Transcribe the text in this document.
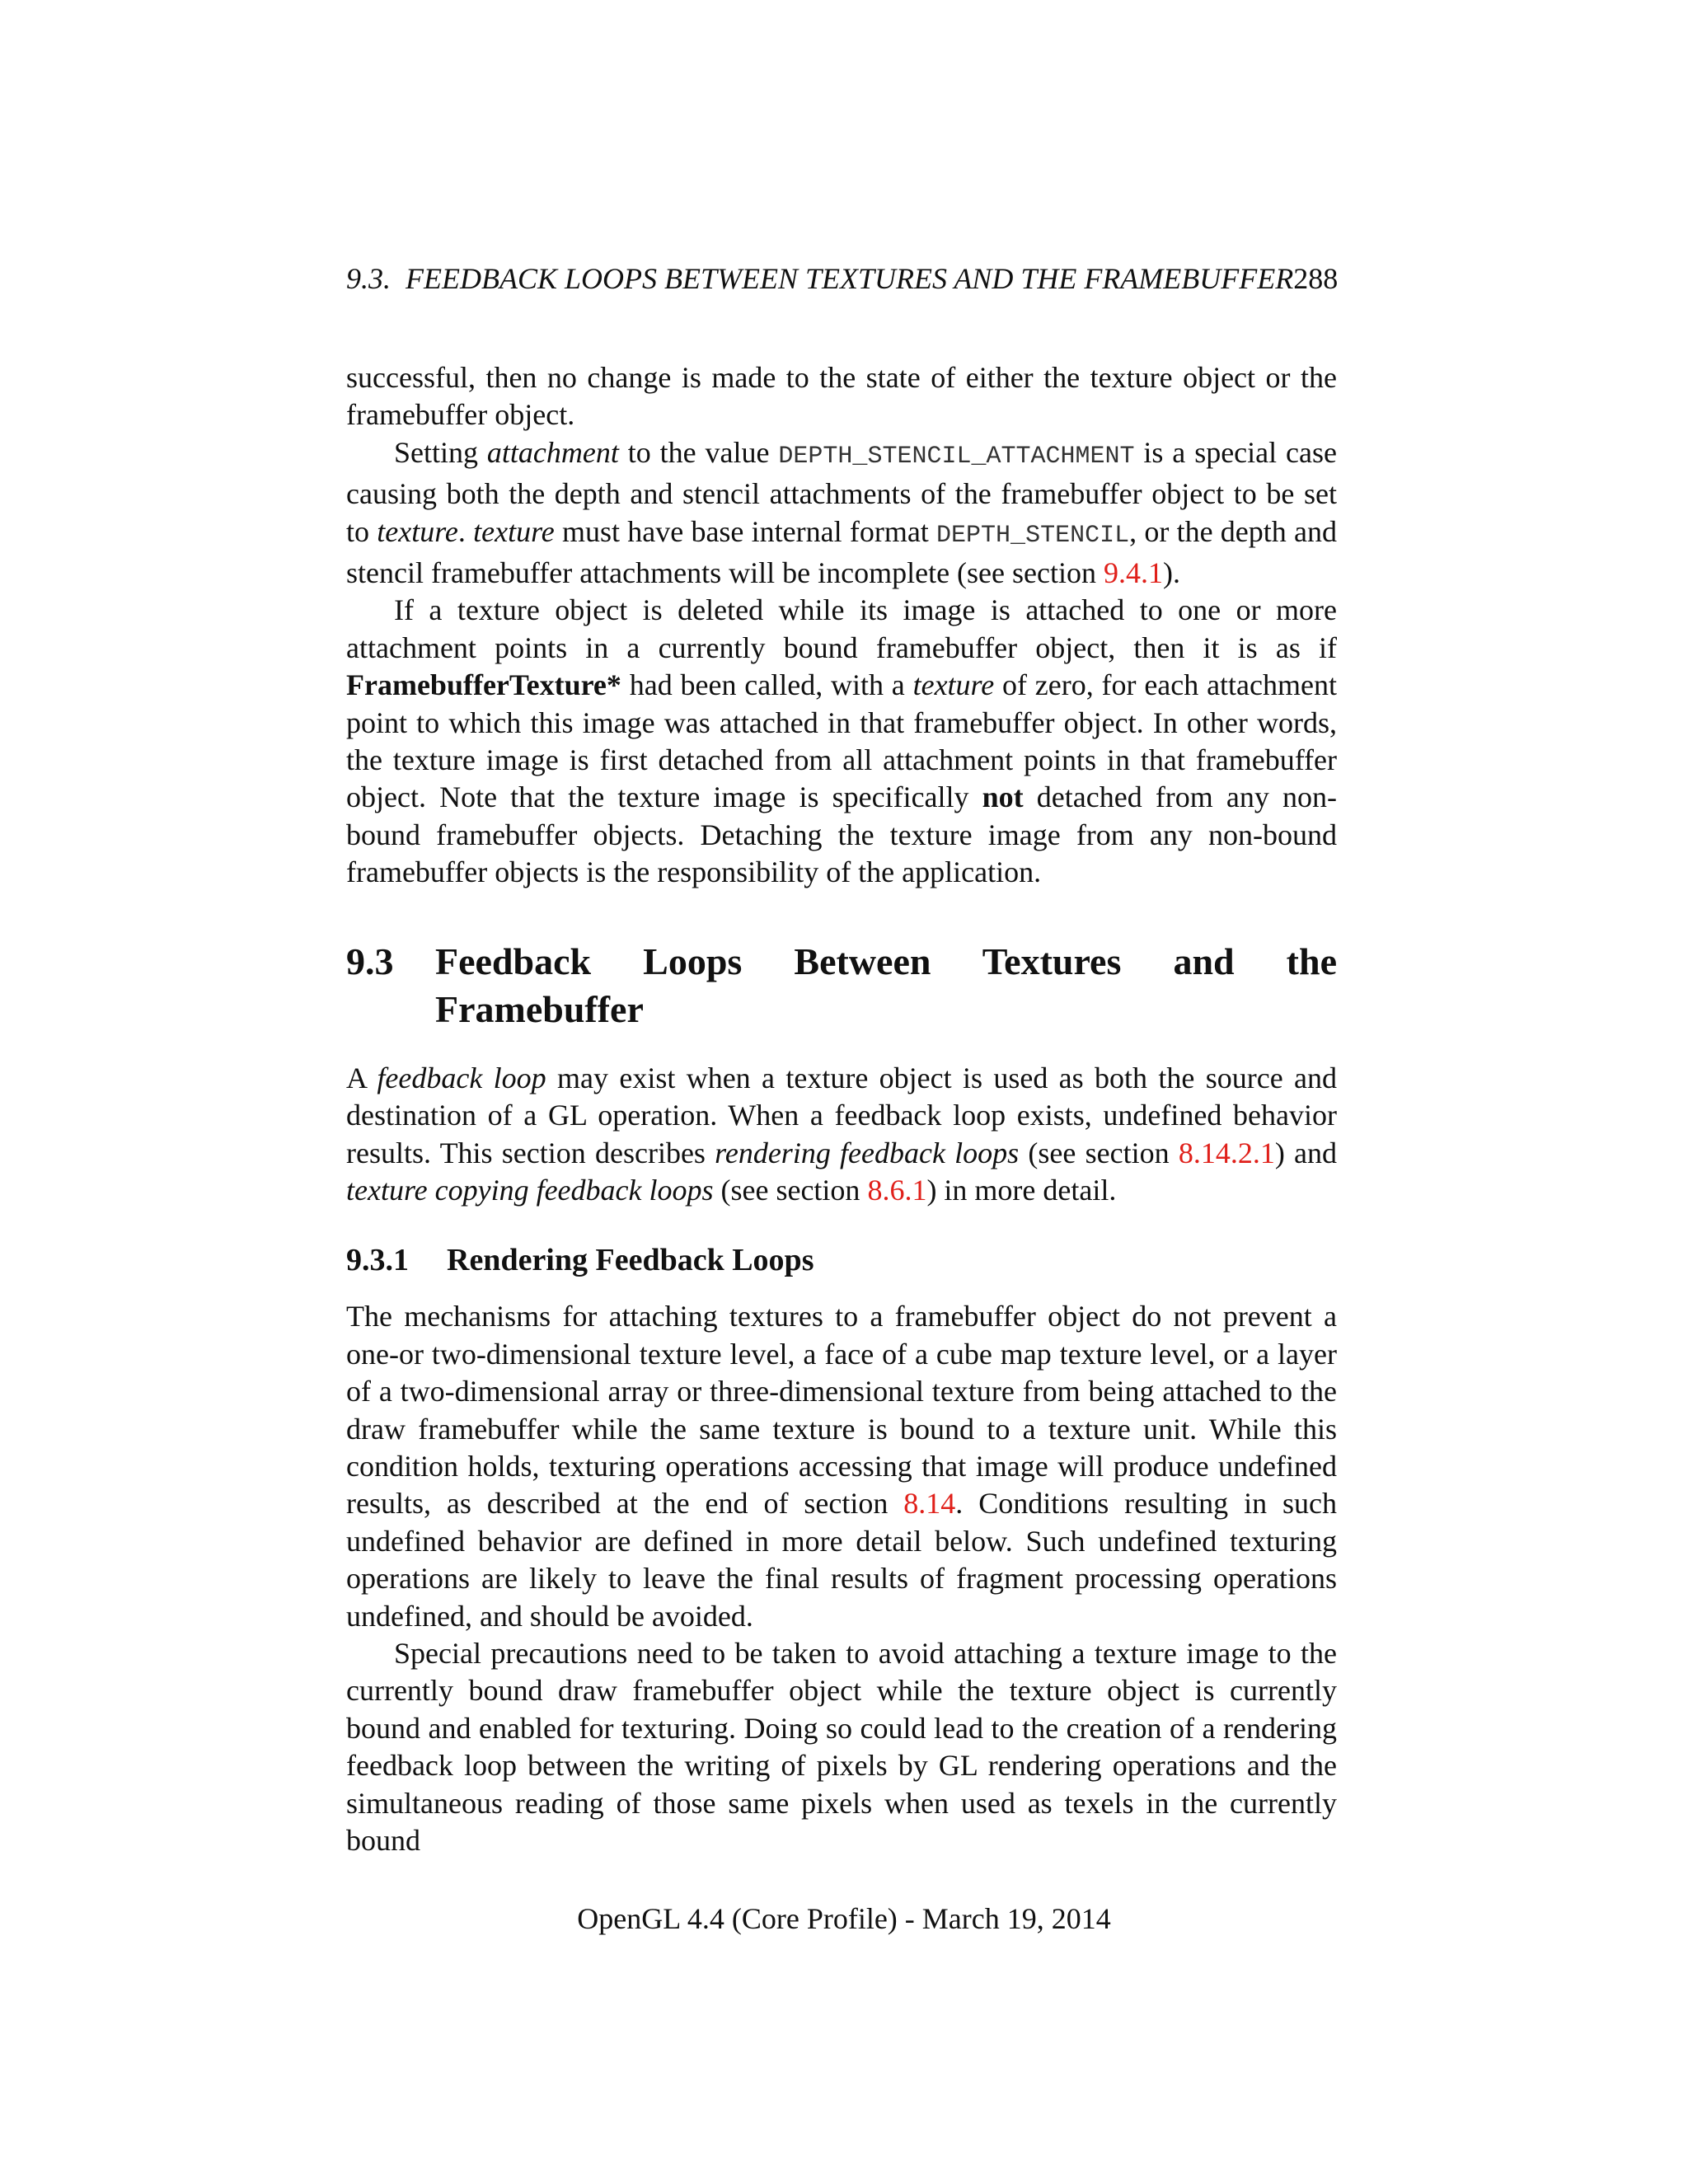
9.3. FEEDBACK LOOPS BETWEEN TEXTURES AND THE FRAMEBUFFER288

successful, then no change is made to the state of either the texture object or the framebuffer object.

Setting attachment to the value DEPTH_STENCIL_ATTACHMENT is a special case causing both the depth and stencil attachments of the framebuffer object to be set to texture. texture must have base internal format DEPTH_STENCIL, or the depth and stencil framebuffer attachments will be incomplete (see section 9.4.1).

If a texture object is deleted while its image is attached to one or more attachment points in a currently bound framebuffer object, then it is as if FramebufferTexture* had been called, with a texture of zero, for each attachment point to which this image was attached in that framebuffer object. In other words, the texture image is first detached from all attachment points in that framebuffer object. Note that the texture image is specifically not detached from any non-bound framebuffer objects. Detaching the texture image from any non-bound framebuffer objects is the responsibility of the application.

9.3	Feedback Loops Between Textures and the Framebuffer

A feedback loop may exist when a texture object is used as both the source and destination of a GL operation. When a feedback loop exists, undefined behavior results. This section describes rendering feedback loops (see section 8.14.2.1) and texture copying feedback loops (see section 8.6.1) in more detail.

9.3.1	Rendering Feedback Loops

The mechanisms for attaching textures to a framebuffer object do not prevent a one-or two-dimensional texture level, a face of a cube map texture level, or a layer of a two-dimensional array or three-dimensional texture from being attached to the draw framebuffer while the same texture is bound to a texture unit. While this condition holds, texturing operations accessing that image will produce undefined results, as described at the end of section 8.14. Conditions resulting in such undefined behavior are defined in more detail below. Such undefined texturing operations are likely to leave the final results of fragment processing operations undefined, and should be avoided.

Special precautions need to be taken to avoid attaching a texture image to the currently bound draw framebuffer object while the texture object is currently bound and enabled for texturing. Doing so could lead to the creation of a rendering feedback loop between the writing of pixels by GL rendering operations and the simultaneous reading of those same pixels when used as texels in the currently bound

OpenGL 4.4 (Core Profile) - March 19, 2014
